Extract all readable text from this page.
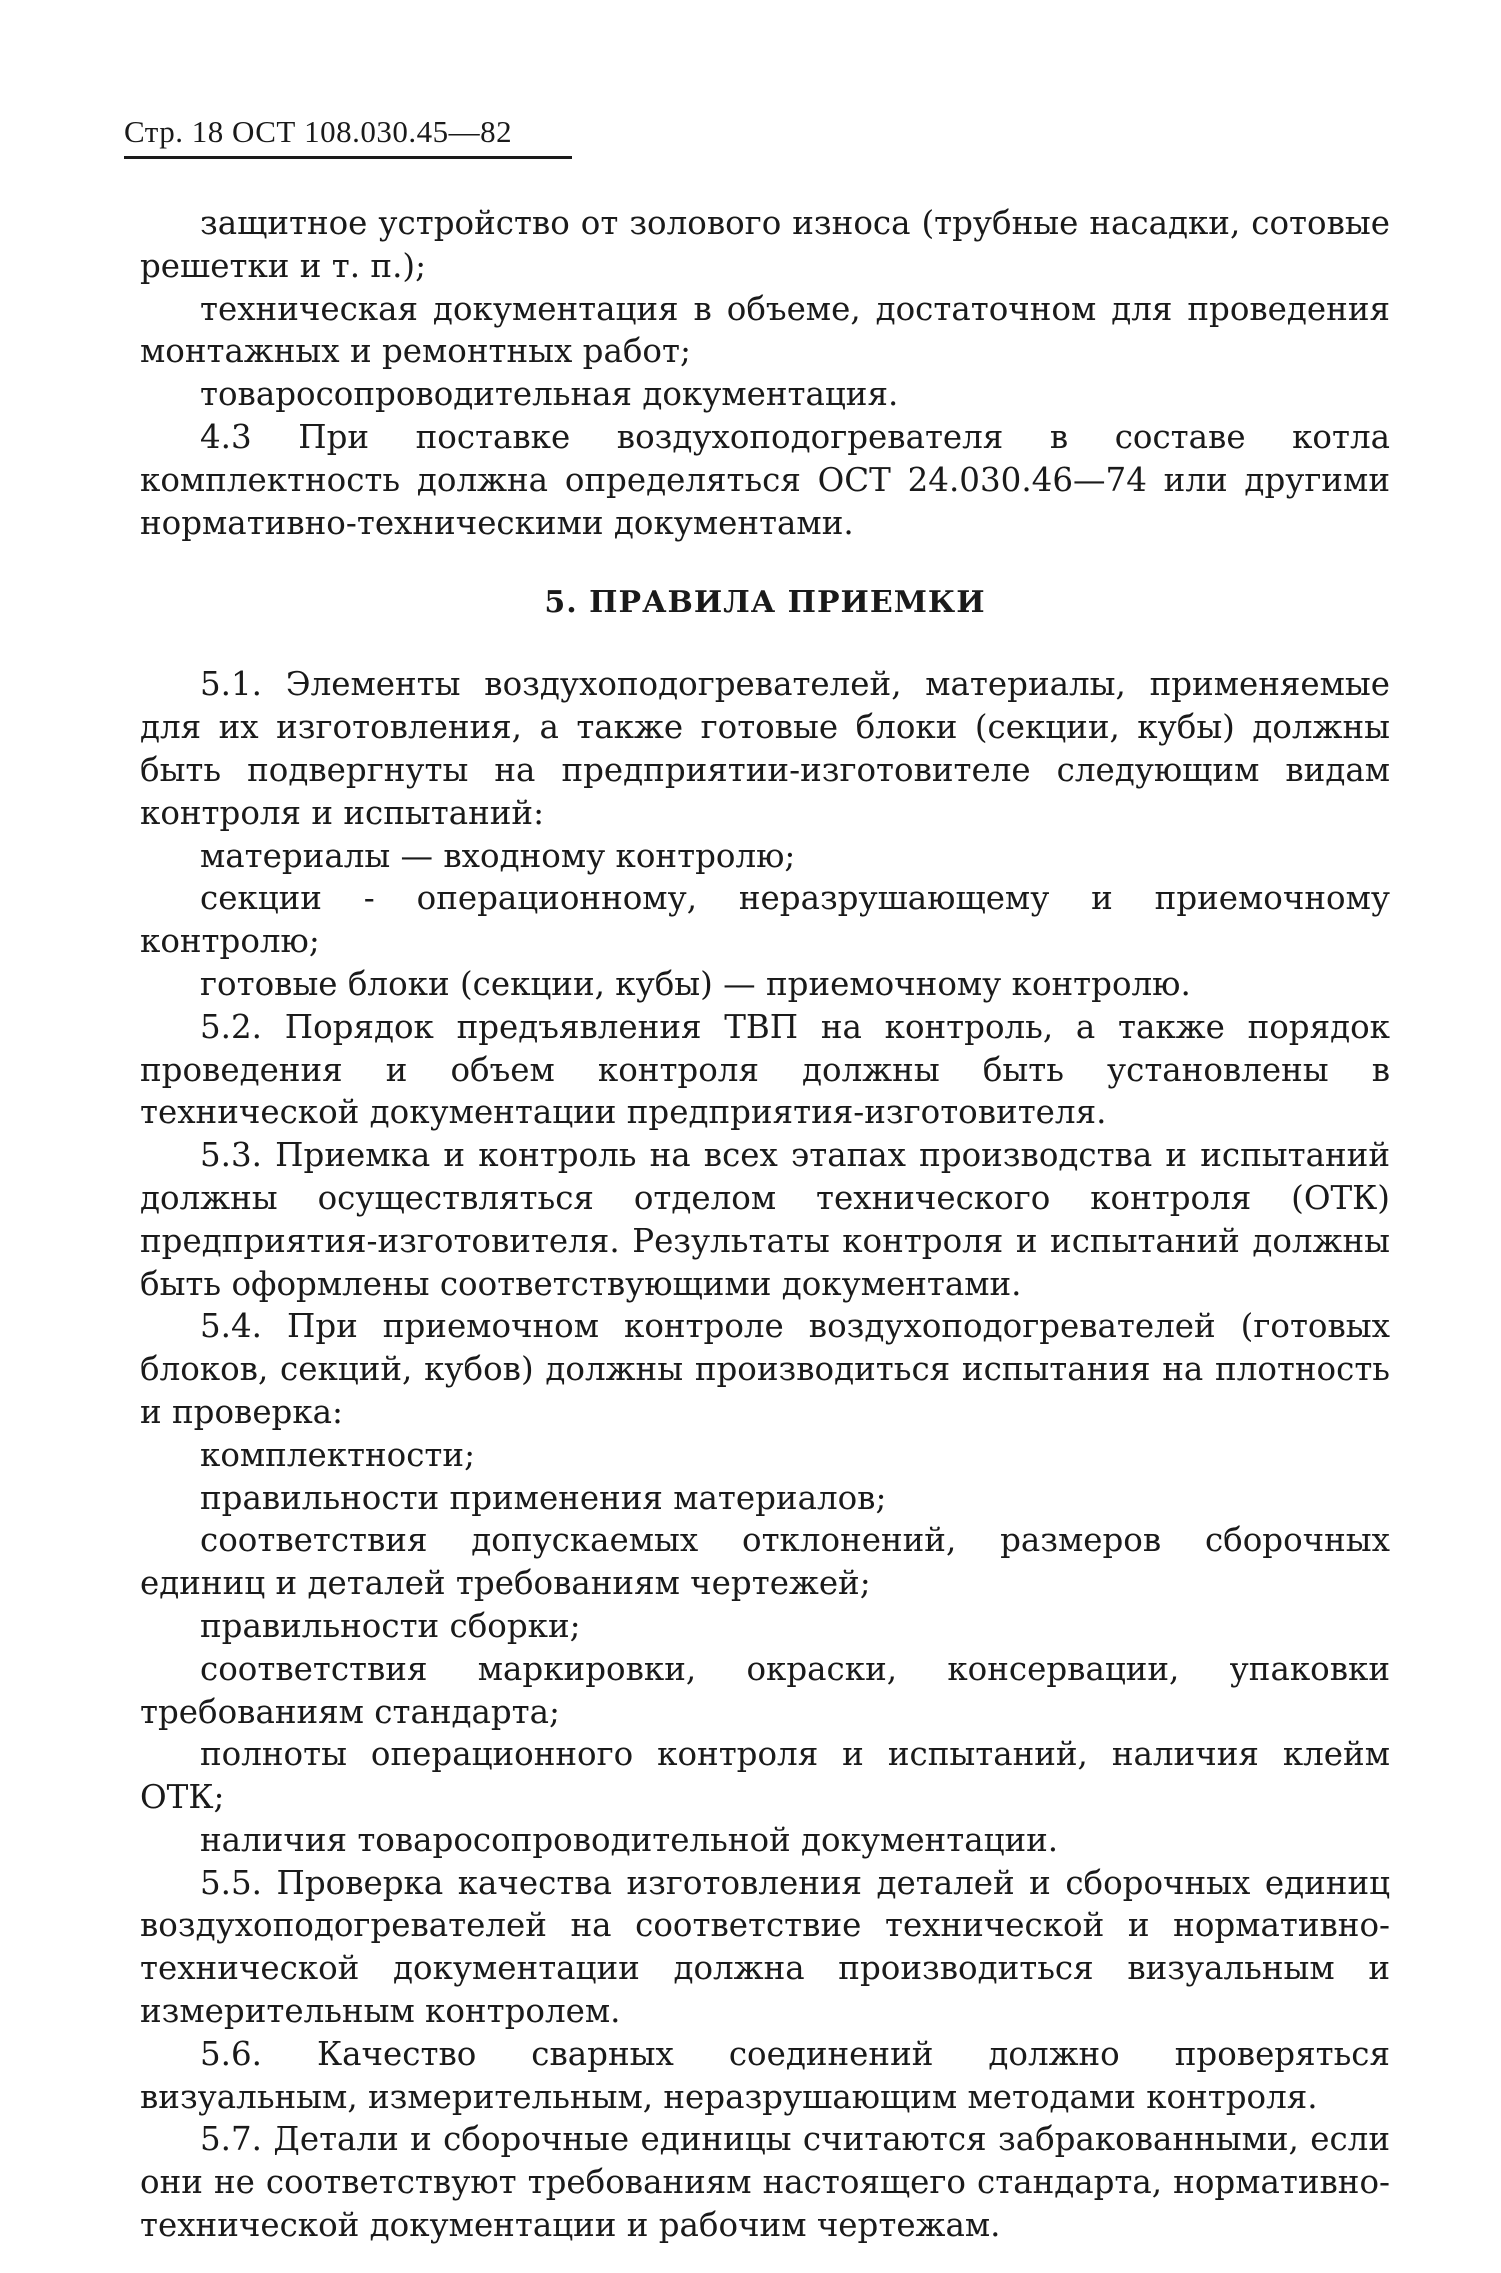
Стр. 18 ОСТ 108.030.45—82

защитное устройство от золового износа (трубные насадки, сотовые решетки и т. п.);

техническая документация в объеме, достаточном для проведения монтажных и ремонтных работ;

товаросопроводительная документация.

4.3 При поставке воздухоподогревателя в составе котла комплектность должна определяться ОСТ 24.030.46—74 или другими нормативно-техническими документами.

5. ПРАВИЛА ПРИЕМКИ

5.1. Элементы воздухоподогревателей, материалы, применяемые для их изготовления, а также готовые блоки (секции, кубы) должны быть подвергнуты на предприятии-изготовителе следующим видам контроля и испытаний:

материалы — входному контролю;

секции - операционному, неразрушающему и приемочному контролю;

готовые блоки (секции, кубы) — приемочному контролю.

5.2. Порядок предъявления ТВП на контроль, а также порядок проведения и объем контроля должны быть установлены в технической документации предприятия-изготовителя.

5.3. Приемка и контроль на всех этапах производства и испытаний должны осуществляться отделом технического контроля (ОТК) предприятия-изготовителя. Результаты контроля и испытаний должны быть оформлены соответствующими документами.

5.4. При приемочном контроле воздухоподогревателей (готовых блоков, секций, кубов) должны производиться испытания на плотность и проверка:

комплектности;

правильности применения материалов;

соответствия допускаемых отклонений, размеров сборочных единиц и деталей требованиям чертежей;

правильности сборки;

соответствия маркировки, окраски, консервации, упаковки требованиям стандарта;

полноты операционного контроля и испытаний, наличия клейм ОТК;

наличия товаросопроводительной документации.

5.5. Проверка качества изготовления деталей и сборочных единиц воздухоподогревателей на соответствие технической и нормативно-технической документации должна производиться визуальным и измерительным контролем.

5.6. Качество сварных соединений должно проверяться визуальным, измерительным, неразрушающим методами контроля.

5.7. Детали и сборочные единицы считаются забракованными, если они не соответствуют требованиям настоящего стандарта, нормативно-технической документации и рабочим чертежам.
